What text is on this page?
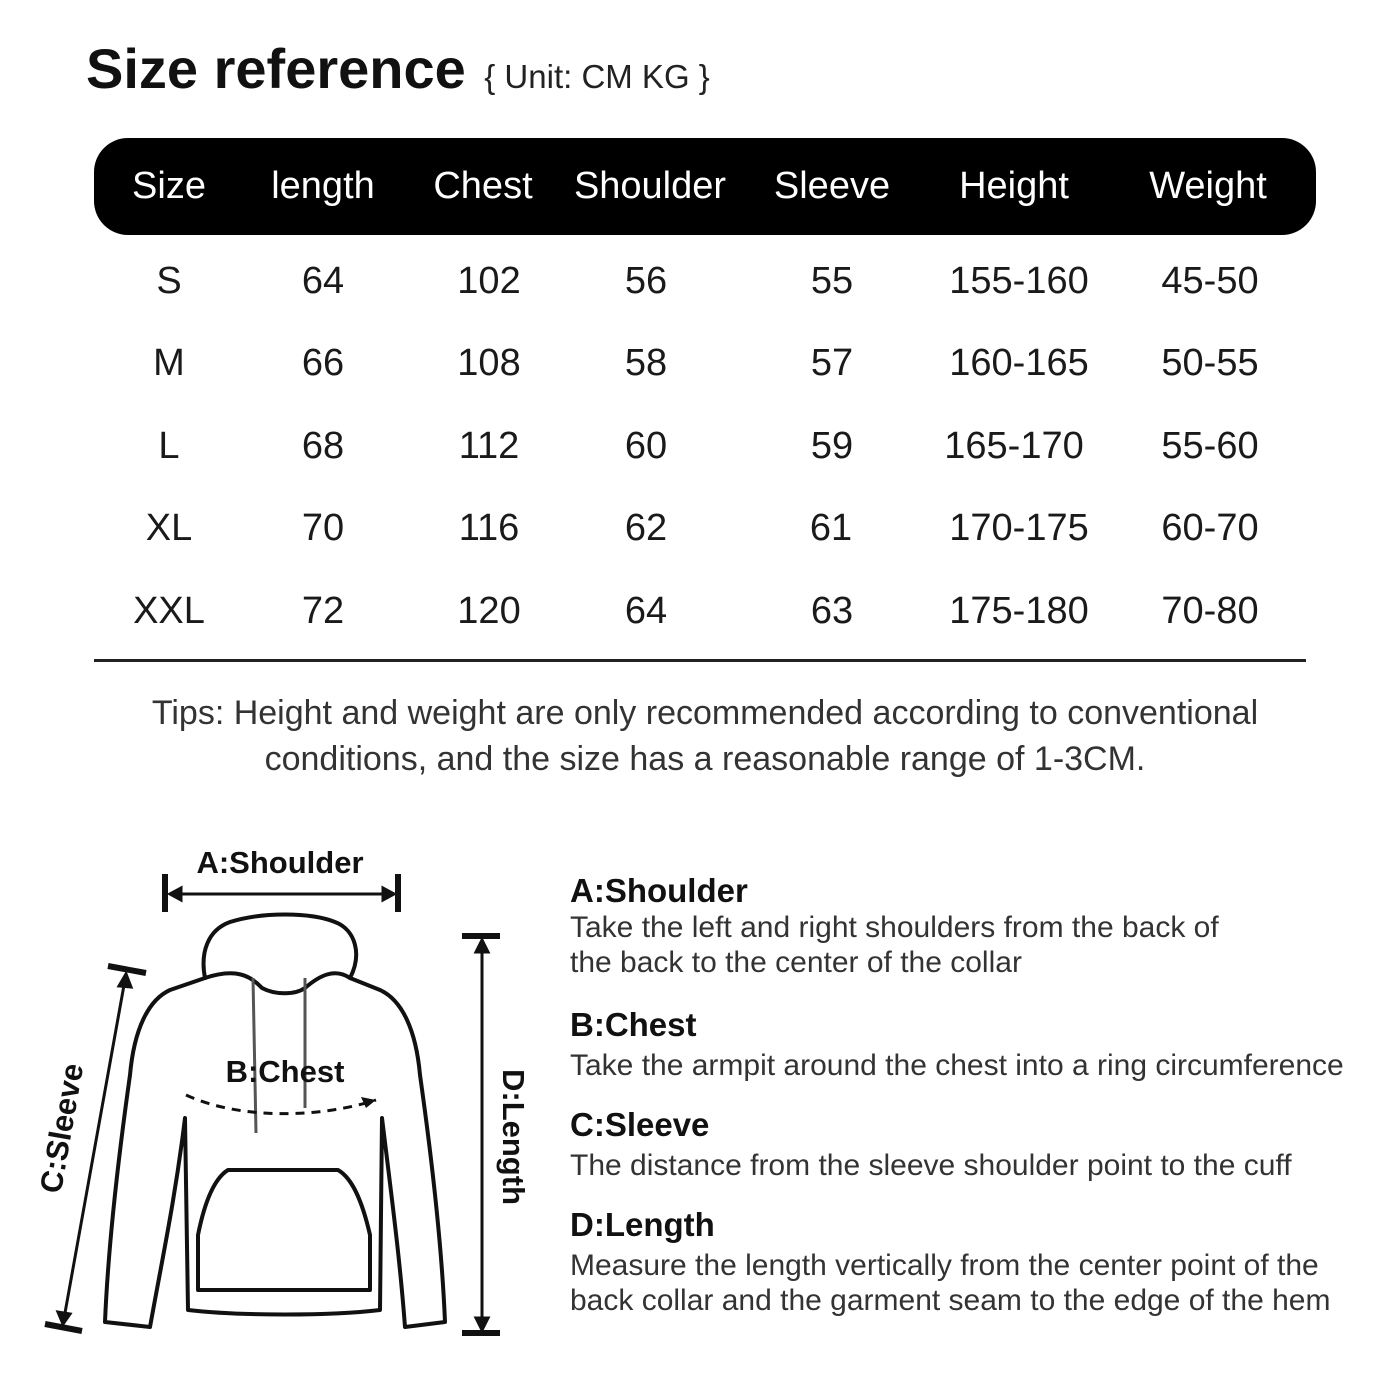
Size reference { Unit: CM KG }
Size length Chest Shoulder Sleeve Height Weight
S	64	102	56	55	155-160 45-50
M	66	108	58	57	160-165 50-55
L	68	112	60	59 165-170 55-60
XL	70	116	62	61	170-175 60-70
XXL	72	120	64	63	175-180 70-80
Tips: Height and weight are only recommended according to conventional
conditions, and the size has a reasonable range of 1-3CM.
A:Shoulder
B:Chest
C:Sleeve	D:Length
A:Shoulder
Take the left and right shoulders from the back of
the back to the center of the collar
B:Chest
Take the armpit around the chest into a ring circumference
C:Sleeve
The distance from the sleeve shoulder point to the cuff
D:Length
Measure the length vertically from the center point of the
back collar and the garment seam to the edge of the hem
